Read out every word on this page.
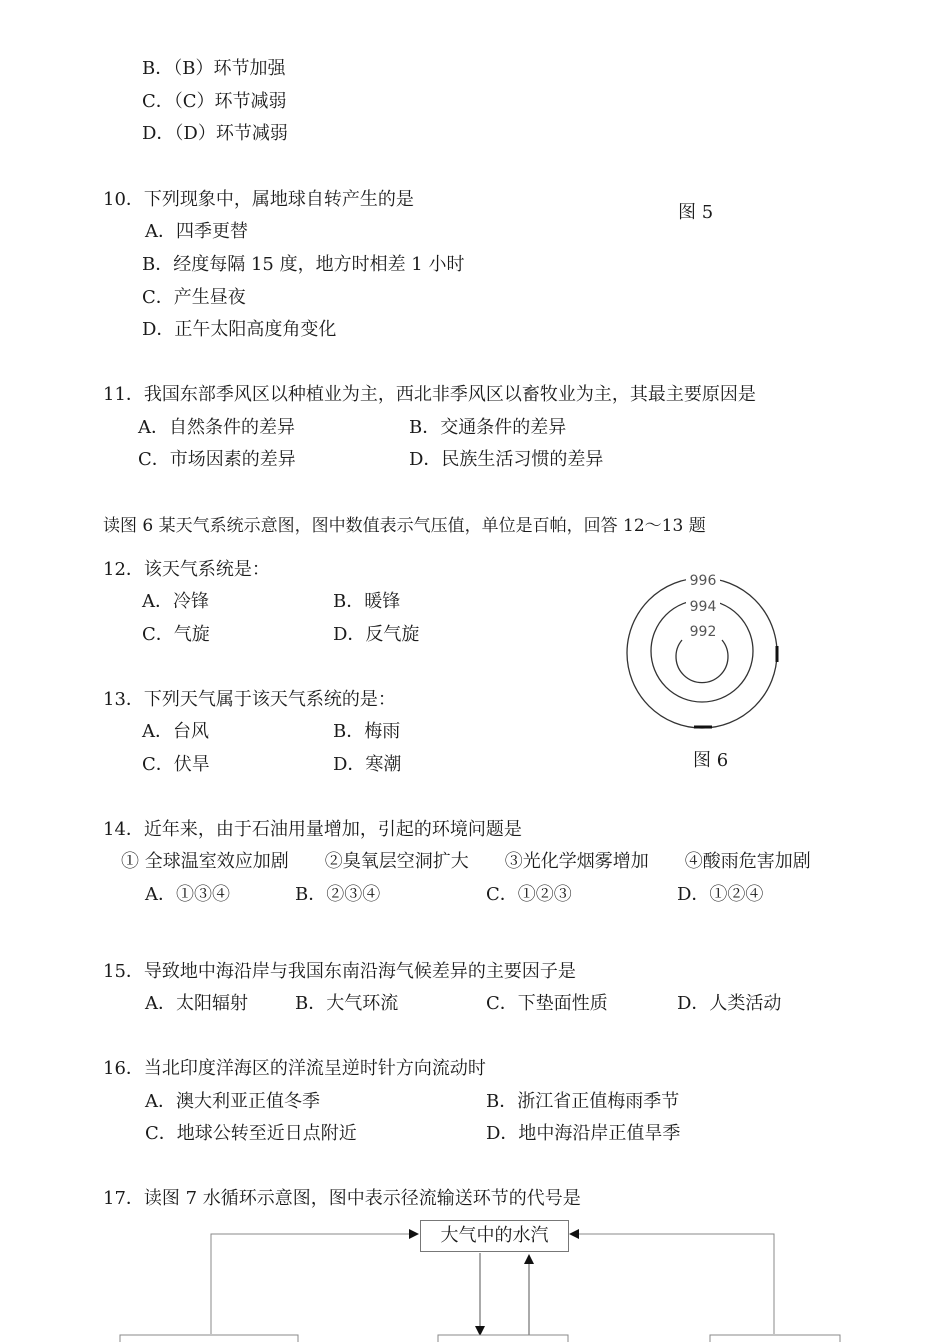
B．（B）环节加强
C．（C）环节减弱
D．（D）环节减弱
10．下列现象中，属地球自转产生的是
图 5
A．四季更替
B．经度每隔 15 度，地方时相差 1 小时
C．产生昼夜
D．正午太阳高度角变化
11．我国东部季风区以种植业为主，西北非季风区以畜牧业为主，其最主要原因是
A．自然条件的差异	B．交通条件的差异
C．市场因素的差异	D．民族生活习惯的差异
读图 6 某天气系统示意图，图中数值表示气压值，单位是百帕，回答 12～13 题
12．该天气系统是：
A．冷锋	B．暖锋
C．气旋	D．反气旋
996
994
992
图 6
13．下列天气属于该天气系统的是：
A．台风	B．梅雨
C．伏旱	D．寒潮
14．近年来，由于石油用量增加，引起的环境问题是
① 全球温室效应加剧　　②臭氧层空洞扩大　　③光化学烟雾增加　　④酸雨危害加剧
A．①③④	B．②③④	C．①②③	D．①②④
15．导致地中海沿岸与我国东南沿海气候差异的主要因子是
A．太阳辐射	B．大气环流	C．下垫面性质	D．人类活动
16．当北印度洋海区的洋流呈逆时针方向流动时
A．澳大利亚正值冬季	B．浙江省正值梅雨季节
C．地球公转至近日点附近	D．地中海沿岸正值旱季
17．读图 7 水循环示意图，图中表示径流输送环节的代号是
大气中的水汽
